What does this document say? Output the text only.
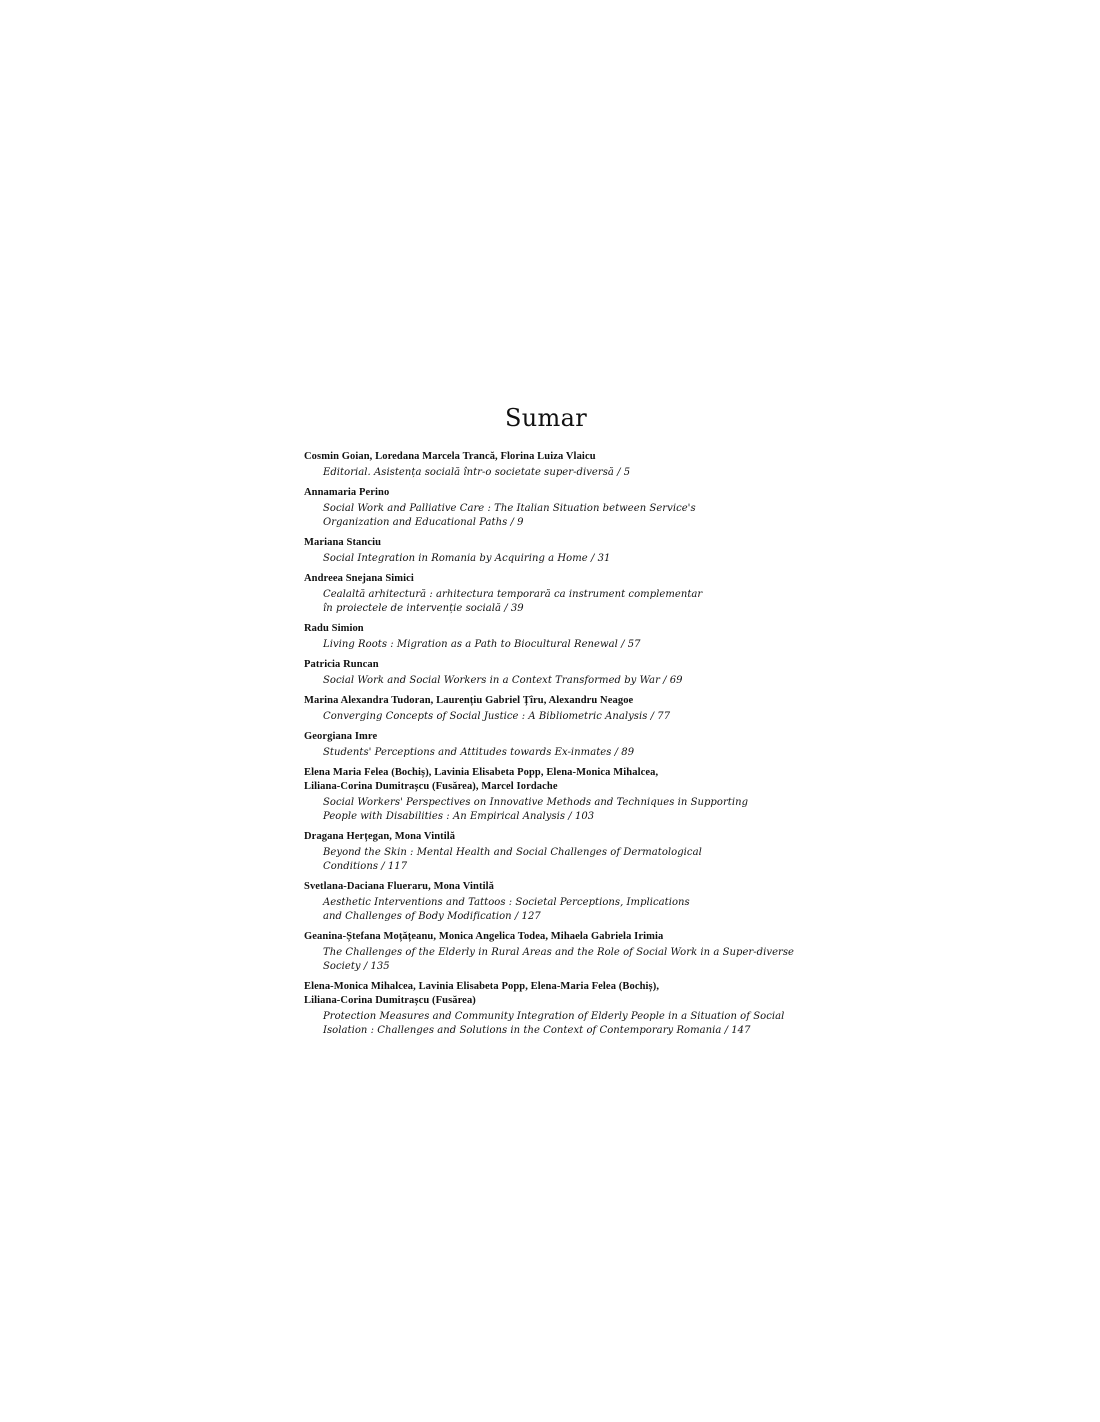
Sumar
Cosmin Goian, Loredana Marcela Trancă, Florina Luiza Vlaicu
Editorial. Asistența socială într-o societate super-diversă / 5
Annamaria Perino
Social Work and Palliative Care : The Italian Situation between Service's
Organization and Educational Paths / 9
Mariana Stanciu
Social Integration in Romania by Acquiring a Home / 31
Andreea Snejana Simici
Cealaltă arhitectură : arhitectura temporară ca instrument complementar
în proiectele de intervenție socială / 39
Radu Simion
Living Roots : Migration as a Path to Biocultural Renewal / 57
Patricia Runcan
Social Work and Social Workers in a Context Transformed by War / 69
Marina Alexandra Tudoran, Laurențiu Gabriel Țîru, Alexandru Neagoe
Converging Concepts of Social Justice : A Bibliometric Analysis / 77
Georgiana Imre
Students' Perceptions and Attitudes towards Ex-inmates / 89
Elena Maria Felea (Bochiș), Lavinia Elisabeta Popp, Elena-Monica Mihalcea,
Liliana-Corina Dumitrașcu (Fusărea), Marcel Iordache
Social Workers' Perspectives on Innovative Methods and Techniques in Supporting
People with Disabilities : An Empirical Analysis / 103
Dragana Herțegan, Mona Vintilă
Beyond the Skin : Mental Health and Social Challenges of Dermatological
Conditions / 117
Svetlana-Daciana Flueraru, Mona Vintilă
Aesthetic Interventions and Tattoos : Societal Perceptions, Implications
and Challenges of Body Modification / 127
Geanina-Ștefana Moțățeanu, Monica Angelica Todea, Mihaela Gabriela Irimia
The Challenges of the Elderly in Rural Areas and the Role of Social Work in a Super-diverse
Society / 135
Elena-Monica Mihalcea, Lavinia Elisabeta Popp, Elena-Maria Felea (Bochiș),
Liliana-Corina Dumitrașcu (Fusărea)
Protection Measures and Community Integration of Elderly People in a Situation of Social
Isolation : Challenges and Solutions in the Context of Contemporary Romania / 147
